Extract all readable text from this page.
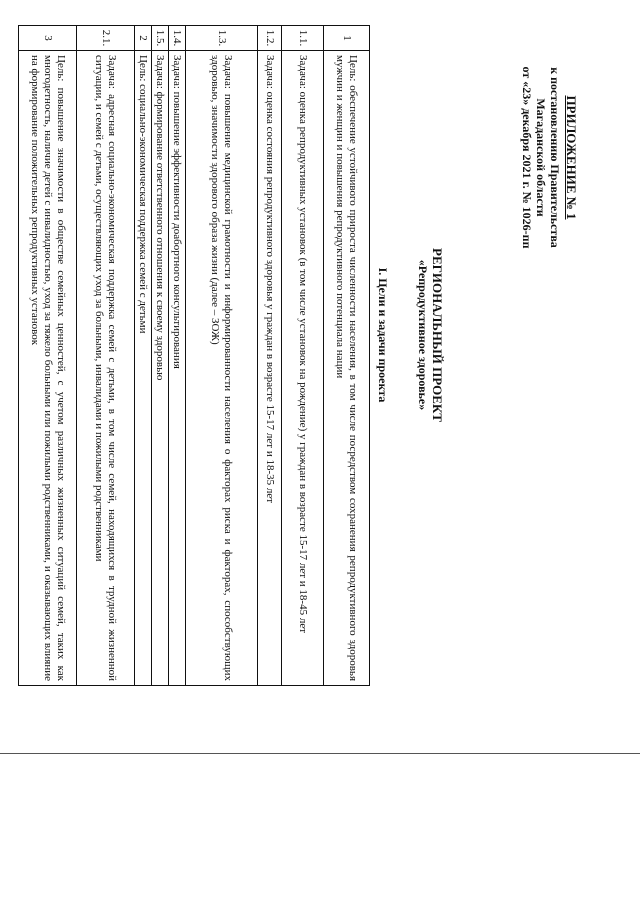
ПРИЛОЖЕНИЕ № 1
к постановлению Правительства
Магаданской области
от «23» декабря 2021 г. № 1026-пп
РЕГИОНАЛЬНЫЙ ПРОЕКТ
«Репродуктивное здоровье»
I. Цели и задачи проекта
1	Цель: обеспечение устойчивого прироста численности населения, в том числе посредством сохранения репродуктивного здоровья мужчин и женщин и повышения репродуктивного потенциала нации
1.1.	Задача: оценка репродуктивных установок (в том числе установок на рождение) у граждан в возрасте 15-17 лет и 18-45 лет
1.2.	Задача: оценка состояния репродуктивного здоровья у граждан в возрасте 15-17 лет и 18-35 лет
1.3.	Задача: повышение медицинской грамотности и информированности населения о факторах риска и факторах, способствующих здоровью, значимости здорового образа жизни (далее – ЗОЖ)
1.4.	Задача: повышение эффективности доабортного консультирования
1.5.	Задача: формирование ответственного отношения к своему здоровью
2	Цель: социально-экономическая поддержка семей с детьми
2.1.	Задача: адресная социально-экономическая поддержка семей с детьми, в том числе семей, находящихся в трудной жизненной ситуации, и семей с детьми, осуществляющих уход за больными, инвалидами и пожилыми родственниками
3	Цель: повышение значимости в обществе семейных ценностей, с учетом различных жизненных ситуаций семей, таких как многодетность, наличие детей с инвалидностью, уход за тяжело больными или пожилыми родственниками, и оказывающих влияние на формирование положительных репродуктивных установок
